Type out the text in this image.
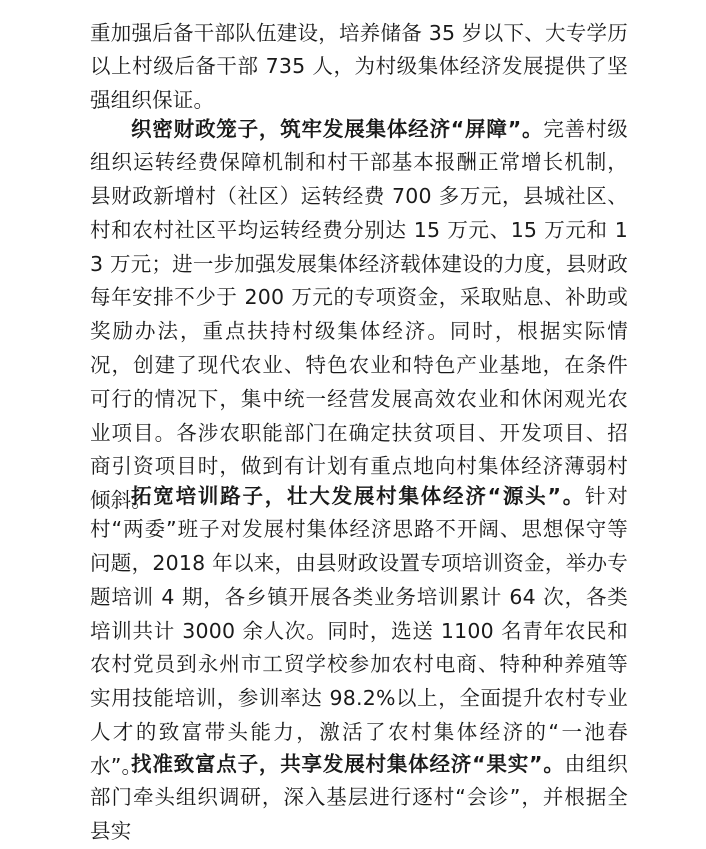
重加强后备干部队伍建设，培养储备 35 岁以下、大专学历以上村级后备干部 735 人，为村级集体经济发展提供了坚强组织保证。

织密财政笼子，筑牢发展集体经济“屏障”。完善村级组织运转经费保障机制和村干部基本报酬正常增长机制，县财政新增村（社区）运转经费 700 多万元，县城社区、村和农村社区平均运转经费分别达 15 万元、15 万元和 13 万元；进一步加强发展集体经济载体建设的力度，县财政每年安排不少于 200 万元的专项资金，采取贴息、补助或奖励办法，重点扶持村级集体经济。同时，根据实际情况，创建了现代农业、特色农业和特色产业基地，在条件可行的情况下，集中统一经营发展高效农业和休闲观光农业项目。各涉农职能部门在确定扶贫项目、开发项目、招商引资项目时，做到有计划有重点地向村集体经济薄弱村倾斜。

拓宽培训路子，壮大发展村集体经济“源头”。针对村“两委”班子对发展村集体经济思路不开阔、思想保守等问题，2018 年以来，由县财政设置专项培训资金，举办专题培训 4 期，各乡镇开展各类业务培训累计 64 次，各类培训共计 3000 余人次。同时，选送 1100 名青年农民和农村党员到永州市工贸学校参加农村电商、特种种养殖等实用技能培训，参训率达 98.2%以上，全面提升农村专业人才的致富带头能力，激活了农村集体经济的“一池春水”。

找准致富点子，共享发展村集体经济“果实”。由组织部门牵头组织调研，深入基层进行逐村“会诊”，并根据全县实
